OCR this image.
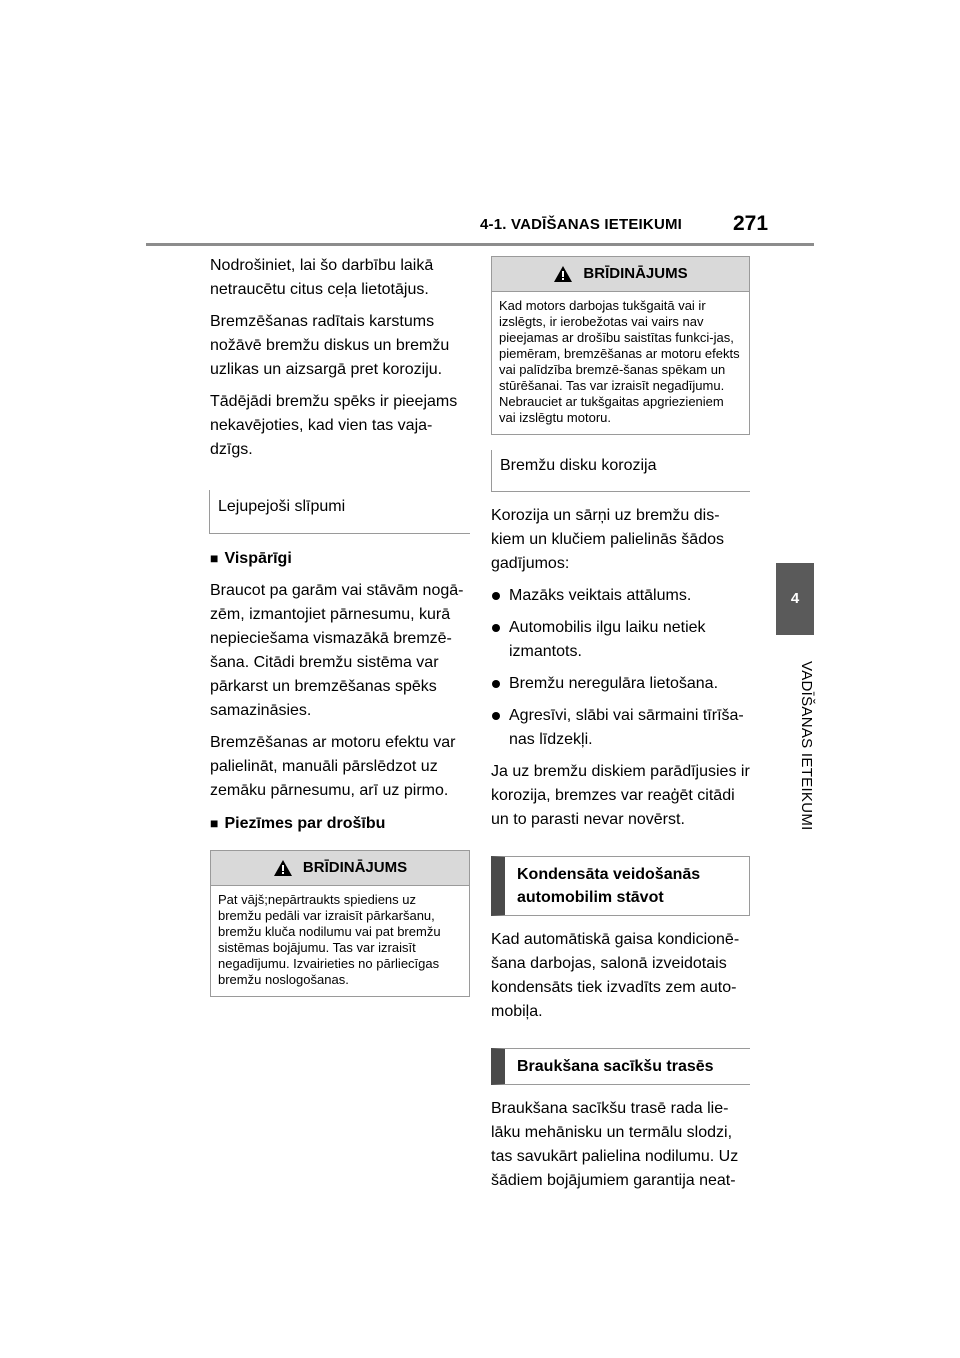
4-1. VADĪŠANAS IETEIKUMI 271
4
VADĪŠANAS IETEIKUMI

Nodrošiniet, lai šo darbību laikā netraucētu citus ceļa lietotājus.

Bremzēšanas radītais karstums nožāvē bremžu diskus un bremžu uzlikas un aizsargā pret koroziju.

Tādējādi bremžu spēks ir pieejams nekavējoties, kad vien tas vaja-dzīgs.

Lejupejoši slīpumi

■ Vispārīgi

Braucot pa garām vai stāvām nogā-zēm, izmantojiet pārnesumu, kurā nepieciešama vismazākā bremzē-šana. Citādi bremžu sistēma var pārkarst un bremzēšanas spēks samazināsies.

Bremzēšanas ar motoru efektu var palielināt, manuāli pārslēdzot uz zemāku pārnesumu, arī uz pirmo.

■ Piezīmes par drošību

BRĪDINĀJUMS
Pat vājš;nepārtraukts spiediens uz bremžu pedāli var izraisīt pārkaršanu, bremžu kluča nodilumu vai pat bremžu sistēmas bojājumu. Tas var izraisīt negadījumu. Izvairieties no pārliecīgas bremžu noslogošanas.
BRĪDINĀJUMS
Kad motors darbojas tukšgaitā vai ir izslēgts, ir ierobežotas vai vairs nav pieejamas ar drošību saistītas funkci-jas, piemēram, bremzēšanas ar motoru efekts vai palīdzība bremzē-šanas spēkam un stūrēšanai. Tas var izraisīt negadījumu. Nebrauciet ar tukšgaitas apgriezieniem vai izslēgtu motoru.
Bremžu disku korozija

Korozija un sārņi uz bremžu dis-kiem un klučiem palielinās šādos gadījumos:

Mazāks veiktais attālums.
Automobilis ilgu laiku netiek izmantots.
Bremžu neregulāra lietošana.
Agresīvi, slābi vai sārmaini tīrīša-nas līdzekļi.

Ja uz bremžu diskiem parādījusies ir korozija, bremzes var reaģēt citādi un to parasti nevar novērst.

Kondensāta veidošanās automobilim stāvot

Kad automātiskā gaisa kondicionē-šana darbojas, salonā izveidotais kondensāts tiek izvadīts zem auto-mobiļa.

Braukšana sacīkšu trasēs

Braukšana sacīkšu trasē rada lie-lāku mehānisku un termālu slodzi, tas savukārt palielina nodilumu. Uz šādiem bojājumiem garantija neat-
